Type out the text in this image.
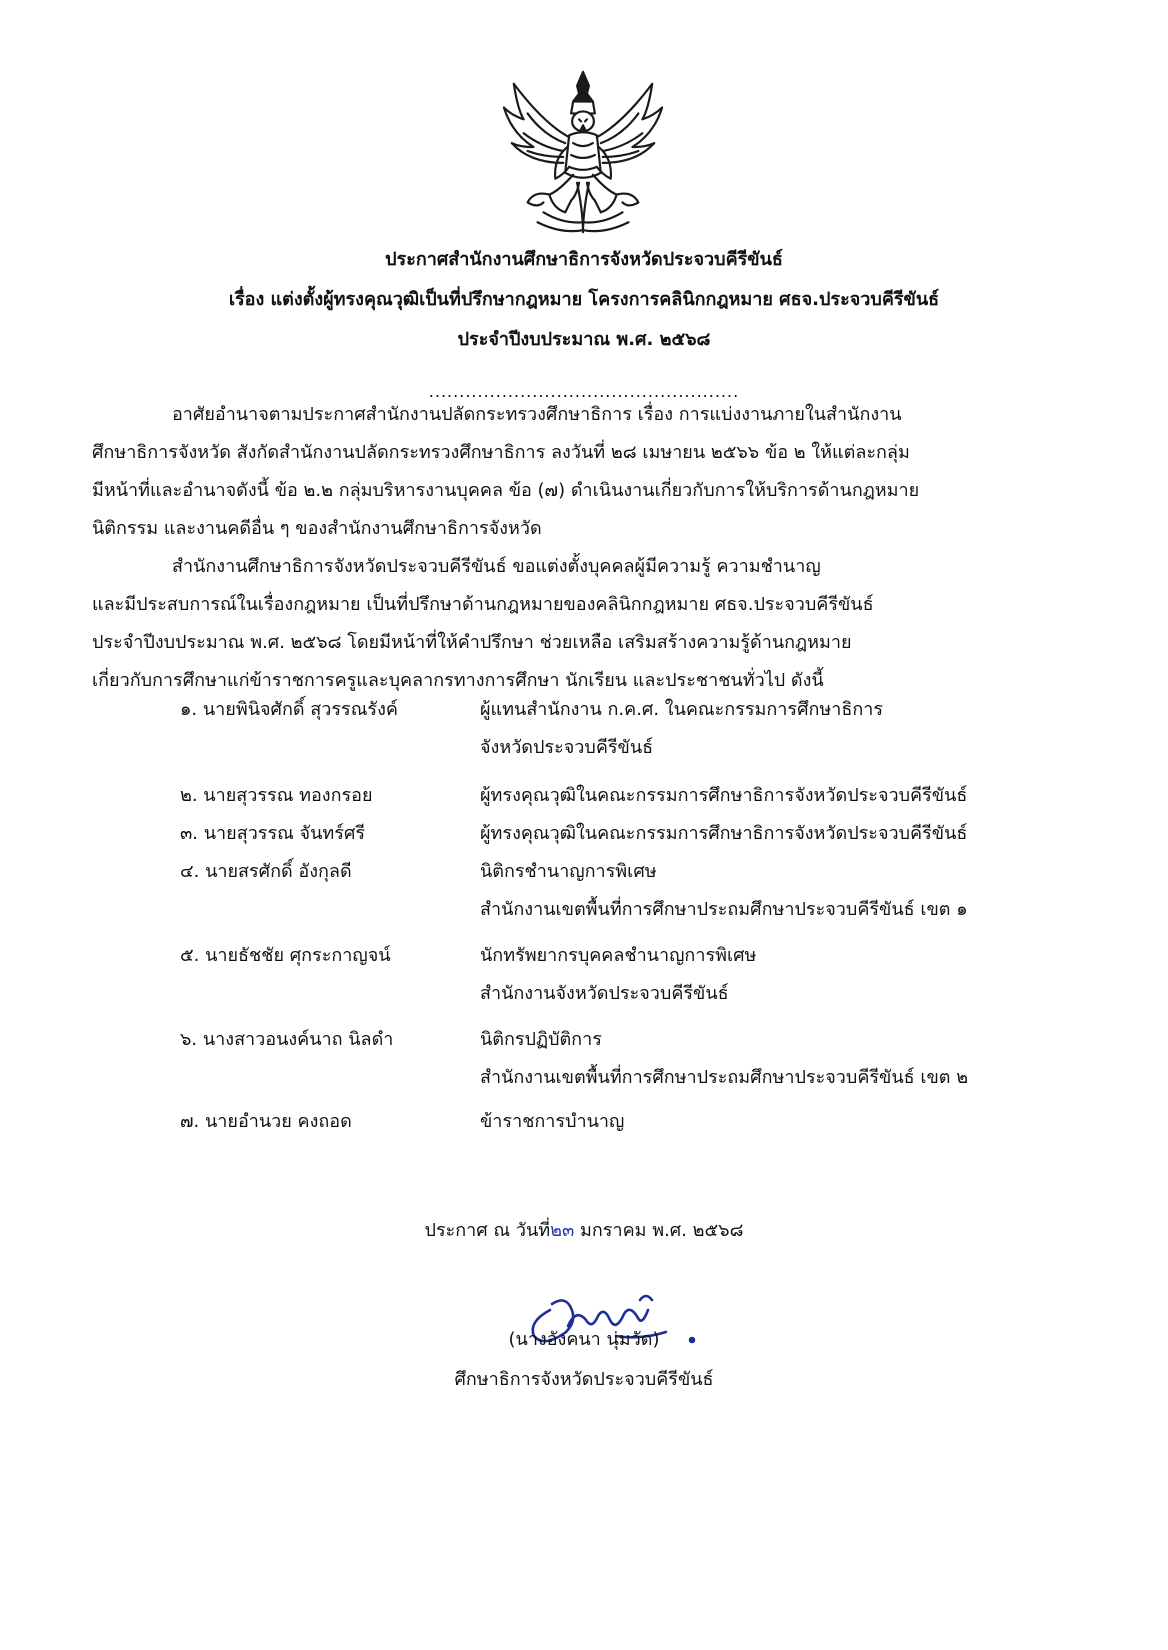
ประกาศสำนักงานศึกษาธิการจังหวัดประจวบคีรีขันธ์
เรื่อง แต่งตั้งผู้ทรงคุณวุฒิเป็นที่ปรึกษากฎหมาย โครงการคลินิกกฎหมาย ศธจ.ประจวบคีรีขันธ์
ประจำปีงบประมาณ พ.ศ. ๒๕๖๘
...................................................
อาศัยอำนาจตามประกาศสำนักงานปลัดกระทรวงศึกษาธิการ เรื่อง การแบ่งงานภายในสำนักงาน
ศึกษาธิการจังหวัด สังกัดสำนักงานปลัดกระทรวงศึกษาธิการ ลงวันที่ ๒๘ เมษายน ๒๕๖๖ ข้อ ๒ ให้แต่ละกลุ่ม
มีหน้าที่และอำนาจดังนี้ ข้อ ๒.๒ กลุ่มบริหารงานบุคคล ข้อ (๗) ดำเนินงานเกี่ยวกับการให้บริการด้านกฎหมาย
นิติกรรม และงานคดีอื่น ๆ ของสำนักงานศึกษาธิการจังหวัด
สำนักงานศึกษาธิการจังหวัดประจวบคีรีขันธ์ ขอแต่งตั้งบุคคลผู้มีความรู้ ความชำนาญ
และมีประสบการณ์ในเรื่องกฎหมาย เป็นที่ปรึกษาด้านกฎหมายของคลินิกกฎหมาย ศธจ.ประจวบคีรีขันธ์
ประจำปีงบประมาณ พ.ศ. ๒๕๖๘ โดยมีหน้าที่ให้คำปรึกษา ช่วยเหลือ เสริมสร้างความรู้ด้านกฎหมาย
เกี่ยวกับการศึกษาแก่ข้าราชการครูและบุคลากรทางการศึกษา นักเรียน และประชาชนทั่วไป ดังนี้
๑. นายพินิจศักดิ์ สุวรรณรังค์	ผู้แทนสำนักงาน ก.ค.ศ. ในคณะกรรมการศึกษาธิการ
จังหวัดประจวบคีรีขันธ์
๒. นายสุวรรณ ทองกรอย	ผู้ทรงคุณวุฒิในคณะกรรมการศึกษาธิการจังหวัดประจวบคีรีขันธ์
๓. นายสุวรรณ จันทร์ศรี	ผู้ทรงคุณวุฒิในคณะกรรมการศึกษาธิการจังหวัดประจวบคีรีขันธ์
๔. นายสรศักดิ์ อังกุลดี	นิติกรชำนาญการพิเศษ
สำนักงานเขตพื้นที่การศึกษาประถมศึกษาประจวบคีรีขันธ์ เขต ๑
๕. นายธัชชัย ศุกระกาญจน์	นักทรัพยากรบุคคลชำนาญการพิเศษ
สำนักงานจังหวัดประจวบคีรีขันธ์
๖. นางสาวอนงค์นาถ นิลดำ	นิติกรปฏิบัติการ
สำนักงานเขตพื้นที่การศึกษาประถมศึกษาประจวบคีรีขันธ์ เขต ๒
๗. นายอำนวย คงถอด	ข้าราชการบำนาญ
ประกาศ ณ วันที่๒๓ มกราคม พ.ศ. ๒๕๖๘
(นางอังคนา นุ่มวัด)
ศึกษาธิการจังหวัดประจวบคีรีขันธ์
